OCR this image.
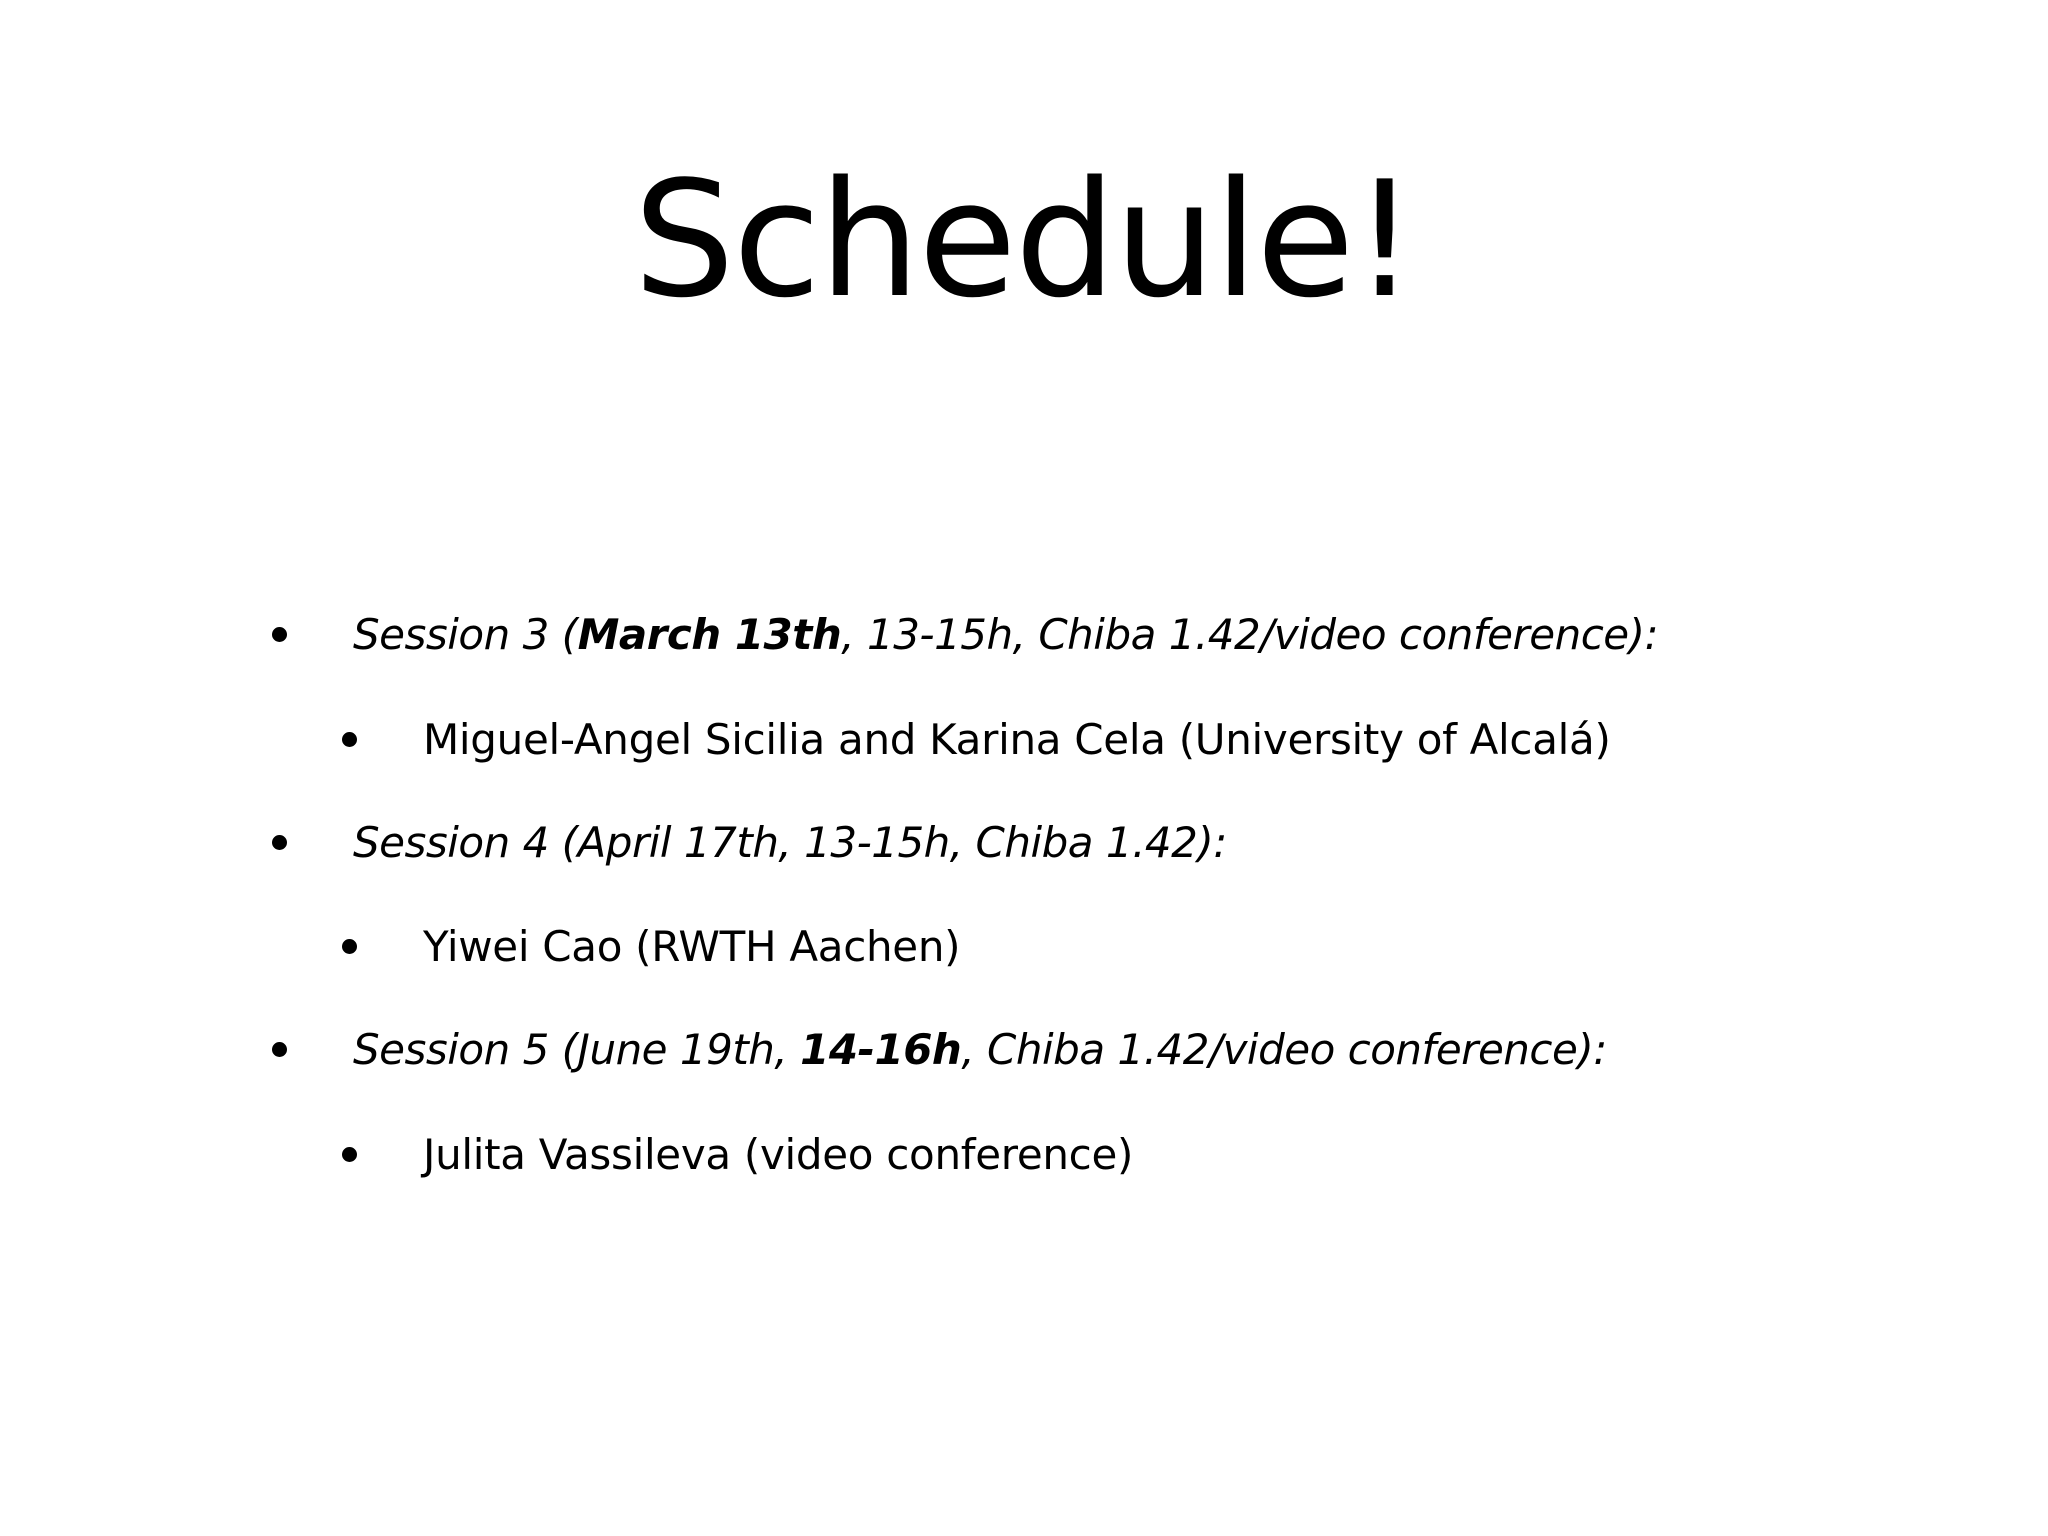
Schedule!
Session 3 (March 13th, 13-15h, Chiba 1.42/video conference):
Miguel-Angel Sicilia and Karina Cela (University of Alcalá)
Session 4 (April 17th, 13-15h, Chiba 1.42):
Yiwei Cao (RWTH Aachen)
Session 5 (June 19th, 14-16h, Chiba 1.42/video conference):
Julita Vassileva (video conference)
